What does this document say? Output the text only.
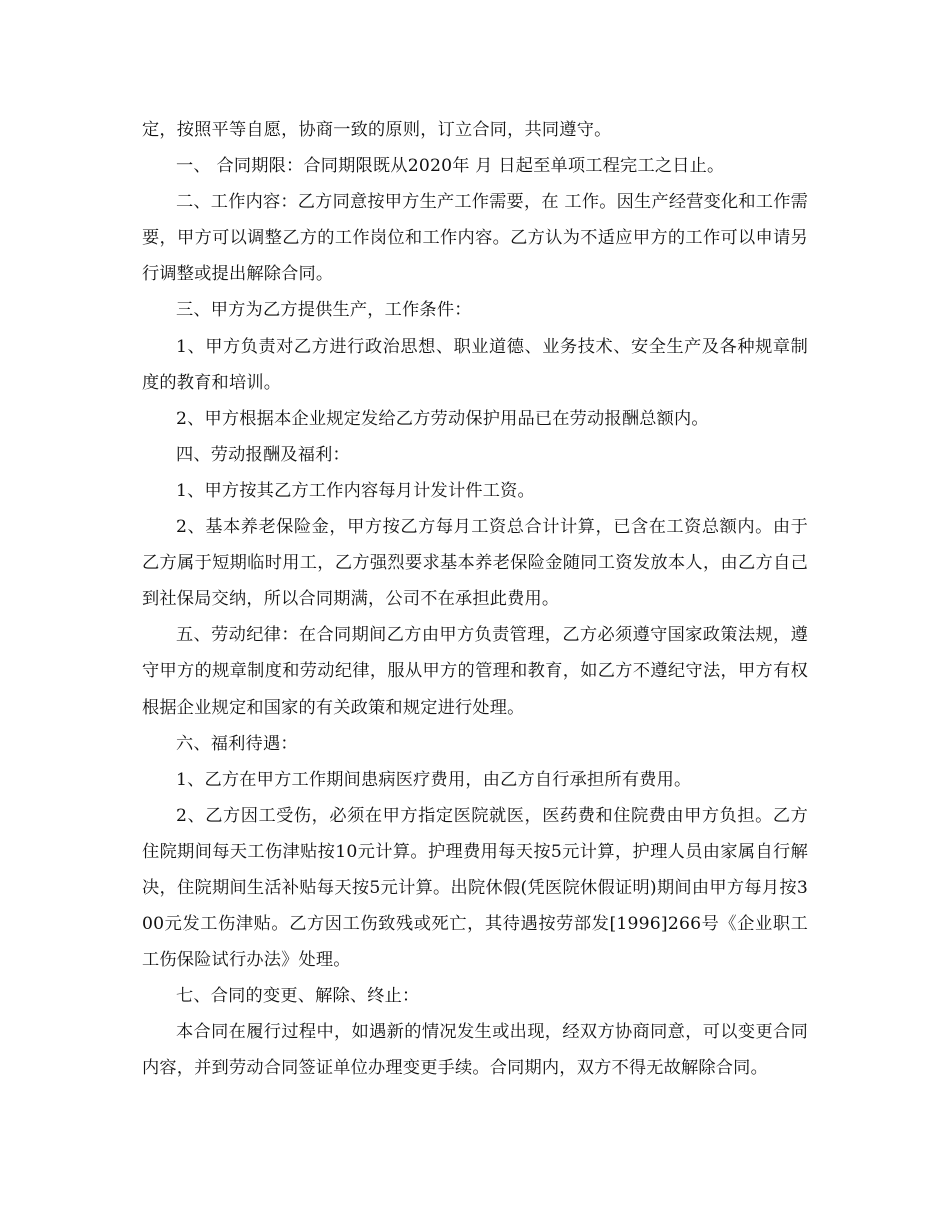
定，按照平等自愿，协商一致的原则，订立合同，共同遵守。

一、 合同期限：合同期限既从2020年 月 日起至单项工程完工之日止。

二、工作内容：乙方同意按甲方生产工作需要，在 工作。因生产经营变化和工作需要，甲方可以调整乙方的工作岗位和工作内容。乙方认为不适应甲方的工作可以申请另行调整或提出解除合同。

三、甲方为乙方提供生产，工作条件：

1、甲方负责对乙方进行政治思想、职业道德、业务技术、安全生产及各种规章制度的教育和培训。

2、甲方根据本企业规定发给乙方劳动保护用品已在劳动报酬总额内。

四、劳动报酬及福利：

1、甲方按其乙方工作内容每月计发计件工资。

2、基本养老保险金，甲方按乙方每月工资总合计计算，已含在工资总额内。由于乙方属于短期临时用工，乙方强烈要求基本养老保险金随同工资发放本人，由乙方自己到社保局交纳，所以合同期满，公司不在承担此费用。

五、劳动纪律：在合同期间乙方由甲方负责管理，乙方必须遵守国家政策法规，遵守甲方的规章制度和劳动纪律，服从甲方的管理和教育，如乙方不遵纪守法，甲方有权根据企业规定和国家的有关政策和规定进行处理。

六、福利待遇：

1、乙方在甲方工作期间患病医疗费用，由乙方自行承担所有费用。

2、乙方因工受伤，必须在甲方指定医院就医，医药费和住院费由甲方负担。乙方住院期间每天工伤津贴按10元计算。护理费用每天按5元计算，护理人员由家属自行解决，住院期间生活补贴每天按5元计算。出院休假(凭医院休假证明)期间由甲方每月按300元发工伤津贴。乙方因工伤致残或死亡，其待遇按劳部发[1996]266号《企业职工工伤保险试行办法》处理。

七、合同的变更、解除、终止：

本合同在履行过程中，如遇新的情况发生或出现，经双方协商同意，可以变更合同内容，并到劳动合同签证单位办理变更手续。合同期内，双方不得无故解除合同。
